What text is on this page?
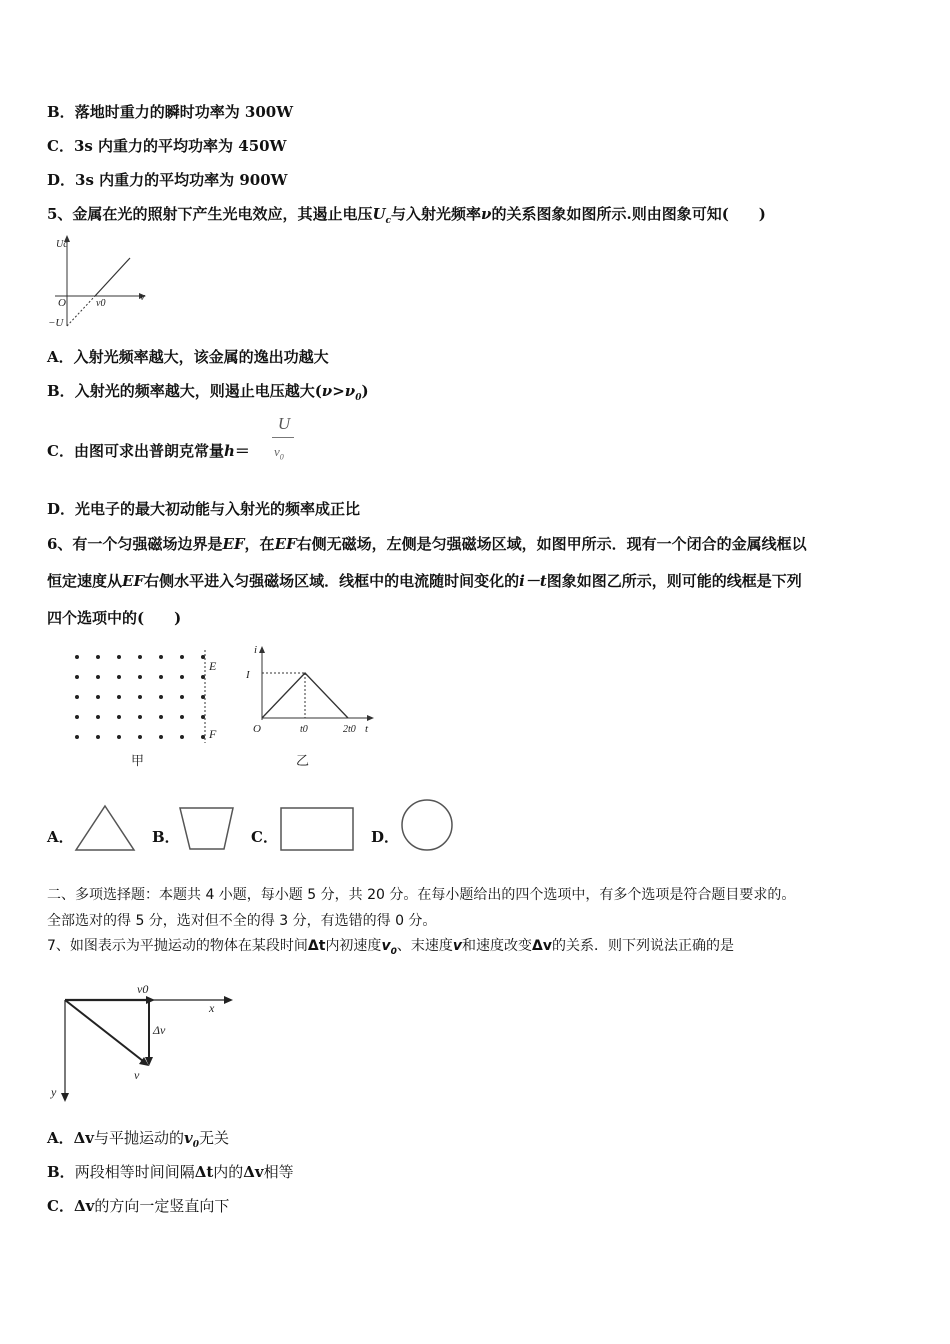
B．落地时重力的瞬时功率为 300W
C．3s 内重力的平均功率为 450W
D．3s 内重力的平均功率为 900W
5、金属在光的照射下产生光电效应，其遏止电压$U_c$与入射光频率ν的关系图象如图所示.则由图象可知(　　)
Uc
ν
O	ν0
−U
A．入射光频率越大，该金属的逸出功越大
B．入射光的频率越大，则遏止电压越大$(\nu>\nu_0)$
C．由图可求出普朗克常量h＝
U
$\nu_0$
D．光电子的最大初动能与入射光的频率成正比
6、有一个匀强磁场边界是EF，在EF右侧无磁场，左侧是匀强磁场区域，如图甲所示．现有一个闭合的金属线框以
恒定速度从EF右侧水平进入匀强磁场区域．线框中的电流随时间变化的i－t图象如图乙所示，则可能的线框是下列
四个选项中的(　　)
E
F
甲
i
I
O	t0	2t0 t
乙
A．	B．	C．	D．
二、多项选择题：本题共 4 小题，每小题 5 分，共 20 分。在每小题给出的四个选项中，有多个选项是符合题目要求的。
全部选对的得 5 分，选对但不全的得 3 分，有选错的得 0 分。
7、如图表示为平抛运动的物体在某段时间Δt内初速度$v_0$、末速度v和速度改变Δv的关系．则下列说法正确的是
v0
x
Δv
v
y
A．Δv与平抛运动的$v_0$无关
B．两段相等时间间隔Δt内的Δv相等
C．Δv的方向一定竖直向下
